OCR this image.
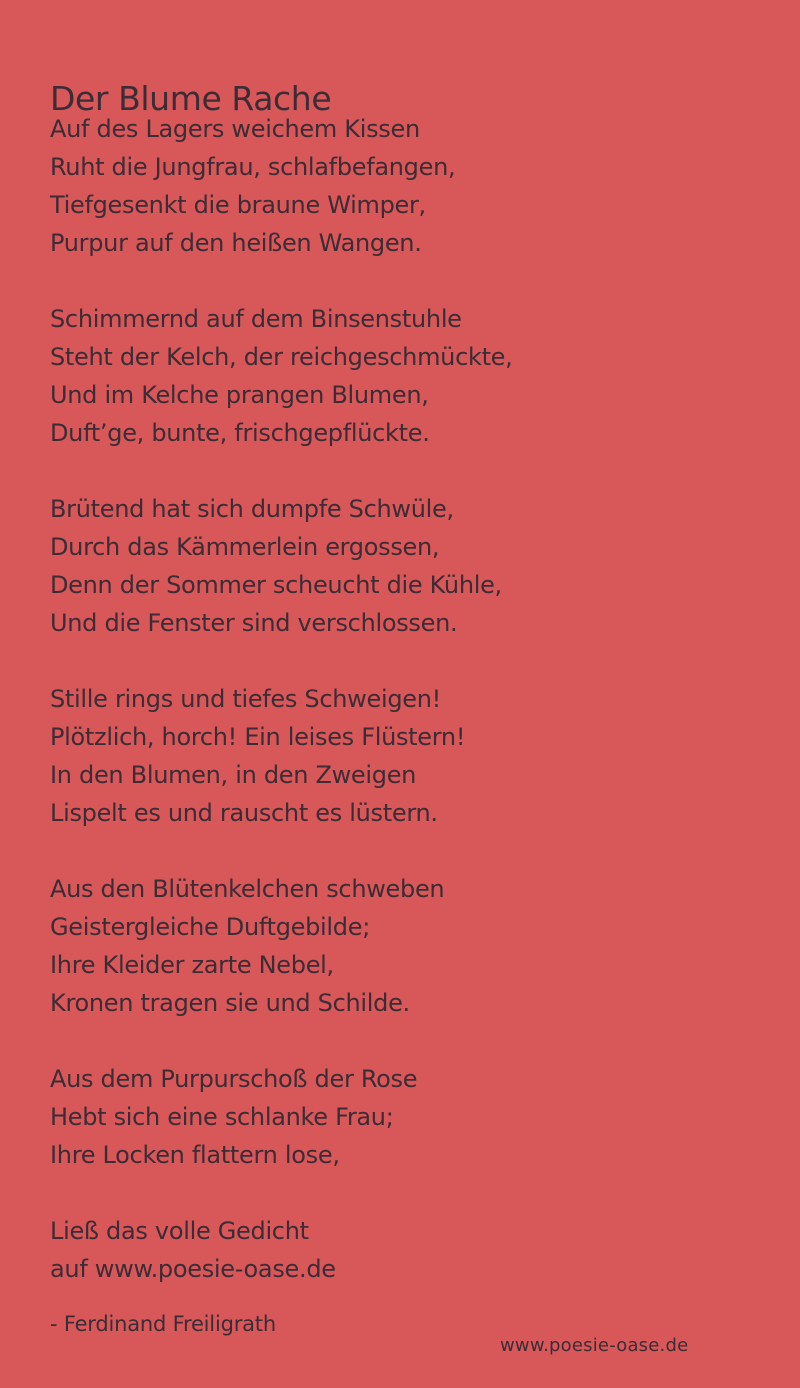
Der Blume Rache
Auf des Lagers weichem Kissen
Ruht die Jungfrau, schlafbefangen,
Tiefgesenkt die braune Wimper,
Purpur auf den heißen Wangen.
Schimmernd auf dem Binsenstuhle
Steht der Kelch, der reichgeschmückte,
Und im Kelche prangen Blumen,
Duft’ge, bunte, frischgepflückte.
Brütend hat sich dumpfe Schwüle,
Durch das Kämmerlein ergossen,
Denn der Sommer scheucht die Kühle,
Und die Fenster sind verschlossen.
Stille rings und tiefes Schweigen!
Plötzlich, horch! Ein leises Flüstern!
In den Blumen, in den Zweigen
Lispelt es und rauscht es lüstern.
Aus den Blütenkelchen schweben
Geistergleiche Duftgebilde;
Ihre Kleider zarte Nebel,
Kronen tragen sie und Schilde.
Aus dem Purpurschoß der Rose
Hebt sich eine schlanke Frau;
Ihre Locken flattern lose,
Ließ das volle Gedicht
auf www.poesie-oase.de
- Ferdinand Freiligrath
www.poesie-oase.de
